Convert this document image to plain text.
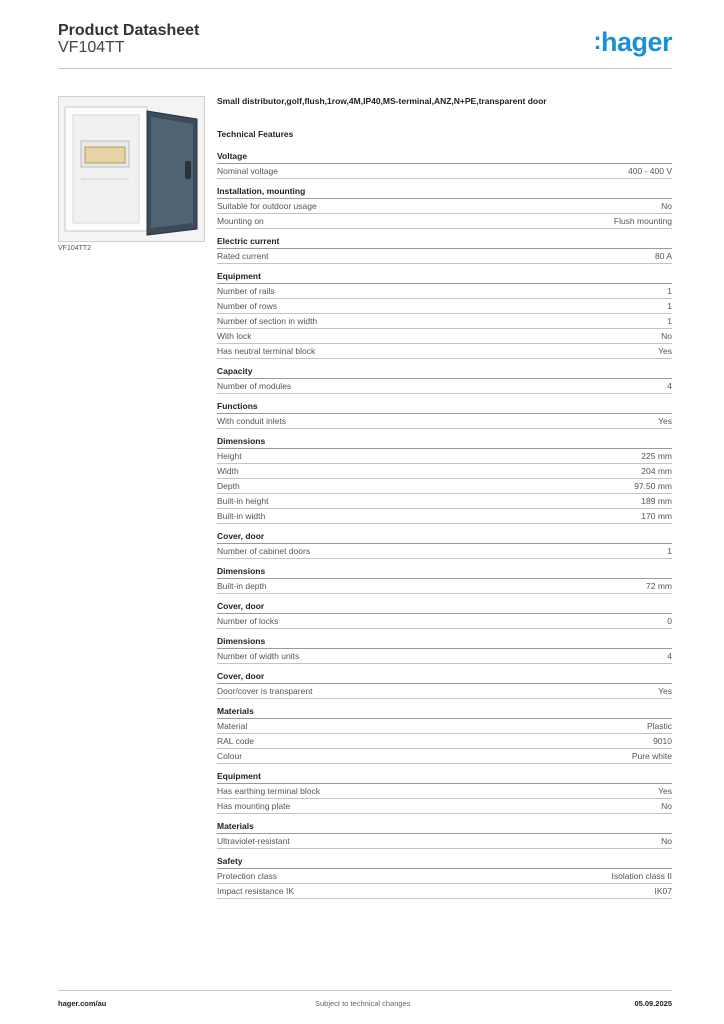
Product Datasheet
VF104TT	:hager
VF104TT2
Small distributor,golf,flush,1row,4M,IP40,MS-terminal,ANZ,N+PE,transparent door
Technical Features
Voltage
Nominal voltage	400 - 400 V
Installation, mounting
Suitable for outdoor usage	No
Mounting on	Flush mounting
Electric current
Rated current	80 A
Equipment
Number of rails	1
Number of rows	1
Number of section in width	1
With lock	No
Has neutral terminal block	Yes
Capacity
Number of modules	4
Functions
With conduit inlets	Yes
Dimensions
Height	225 mm
Width	204 mm
Depth	97.50 mm
Built-in height	189 mm
Built-in width	170 mm
Cover, door
Number of cabinet doors	1
Dimensions
Built-in depth	72 mm
Cover, door
Number of locks	0
Dimensions
Number of width units	4
Cover, door
Door/cover is transparent	Yes
Materials
Material	Plastic
RAL code	9010
Colour	Pure white
Equipment
Has earthing terminal block	Yes
Has mounting plate	No
Materials
Ultraviolet-resistant	No
Safety
Protection class	Isolation class II
Impact resistance IK	IK07
hager.com/au	Subject to technical changes	05.09.2025
